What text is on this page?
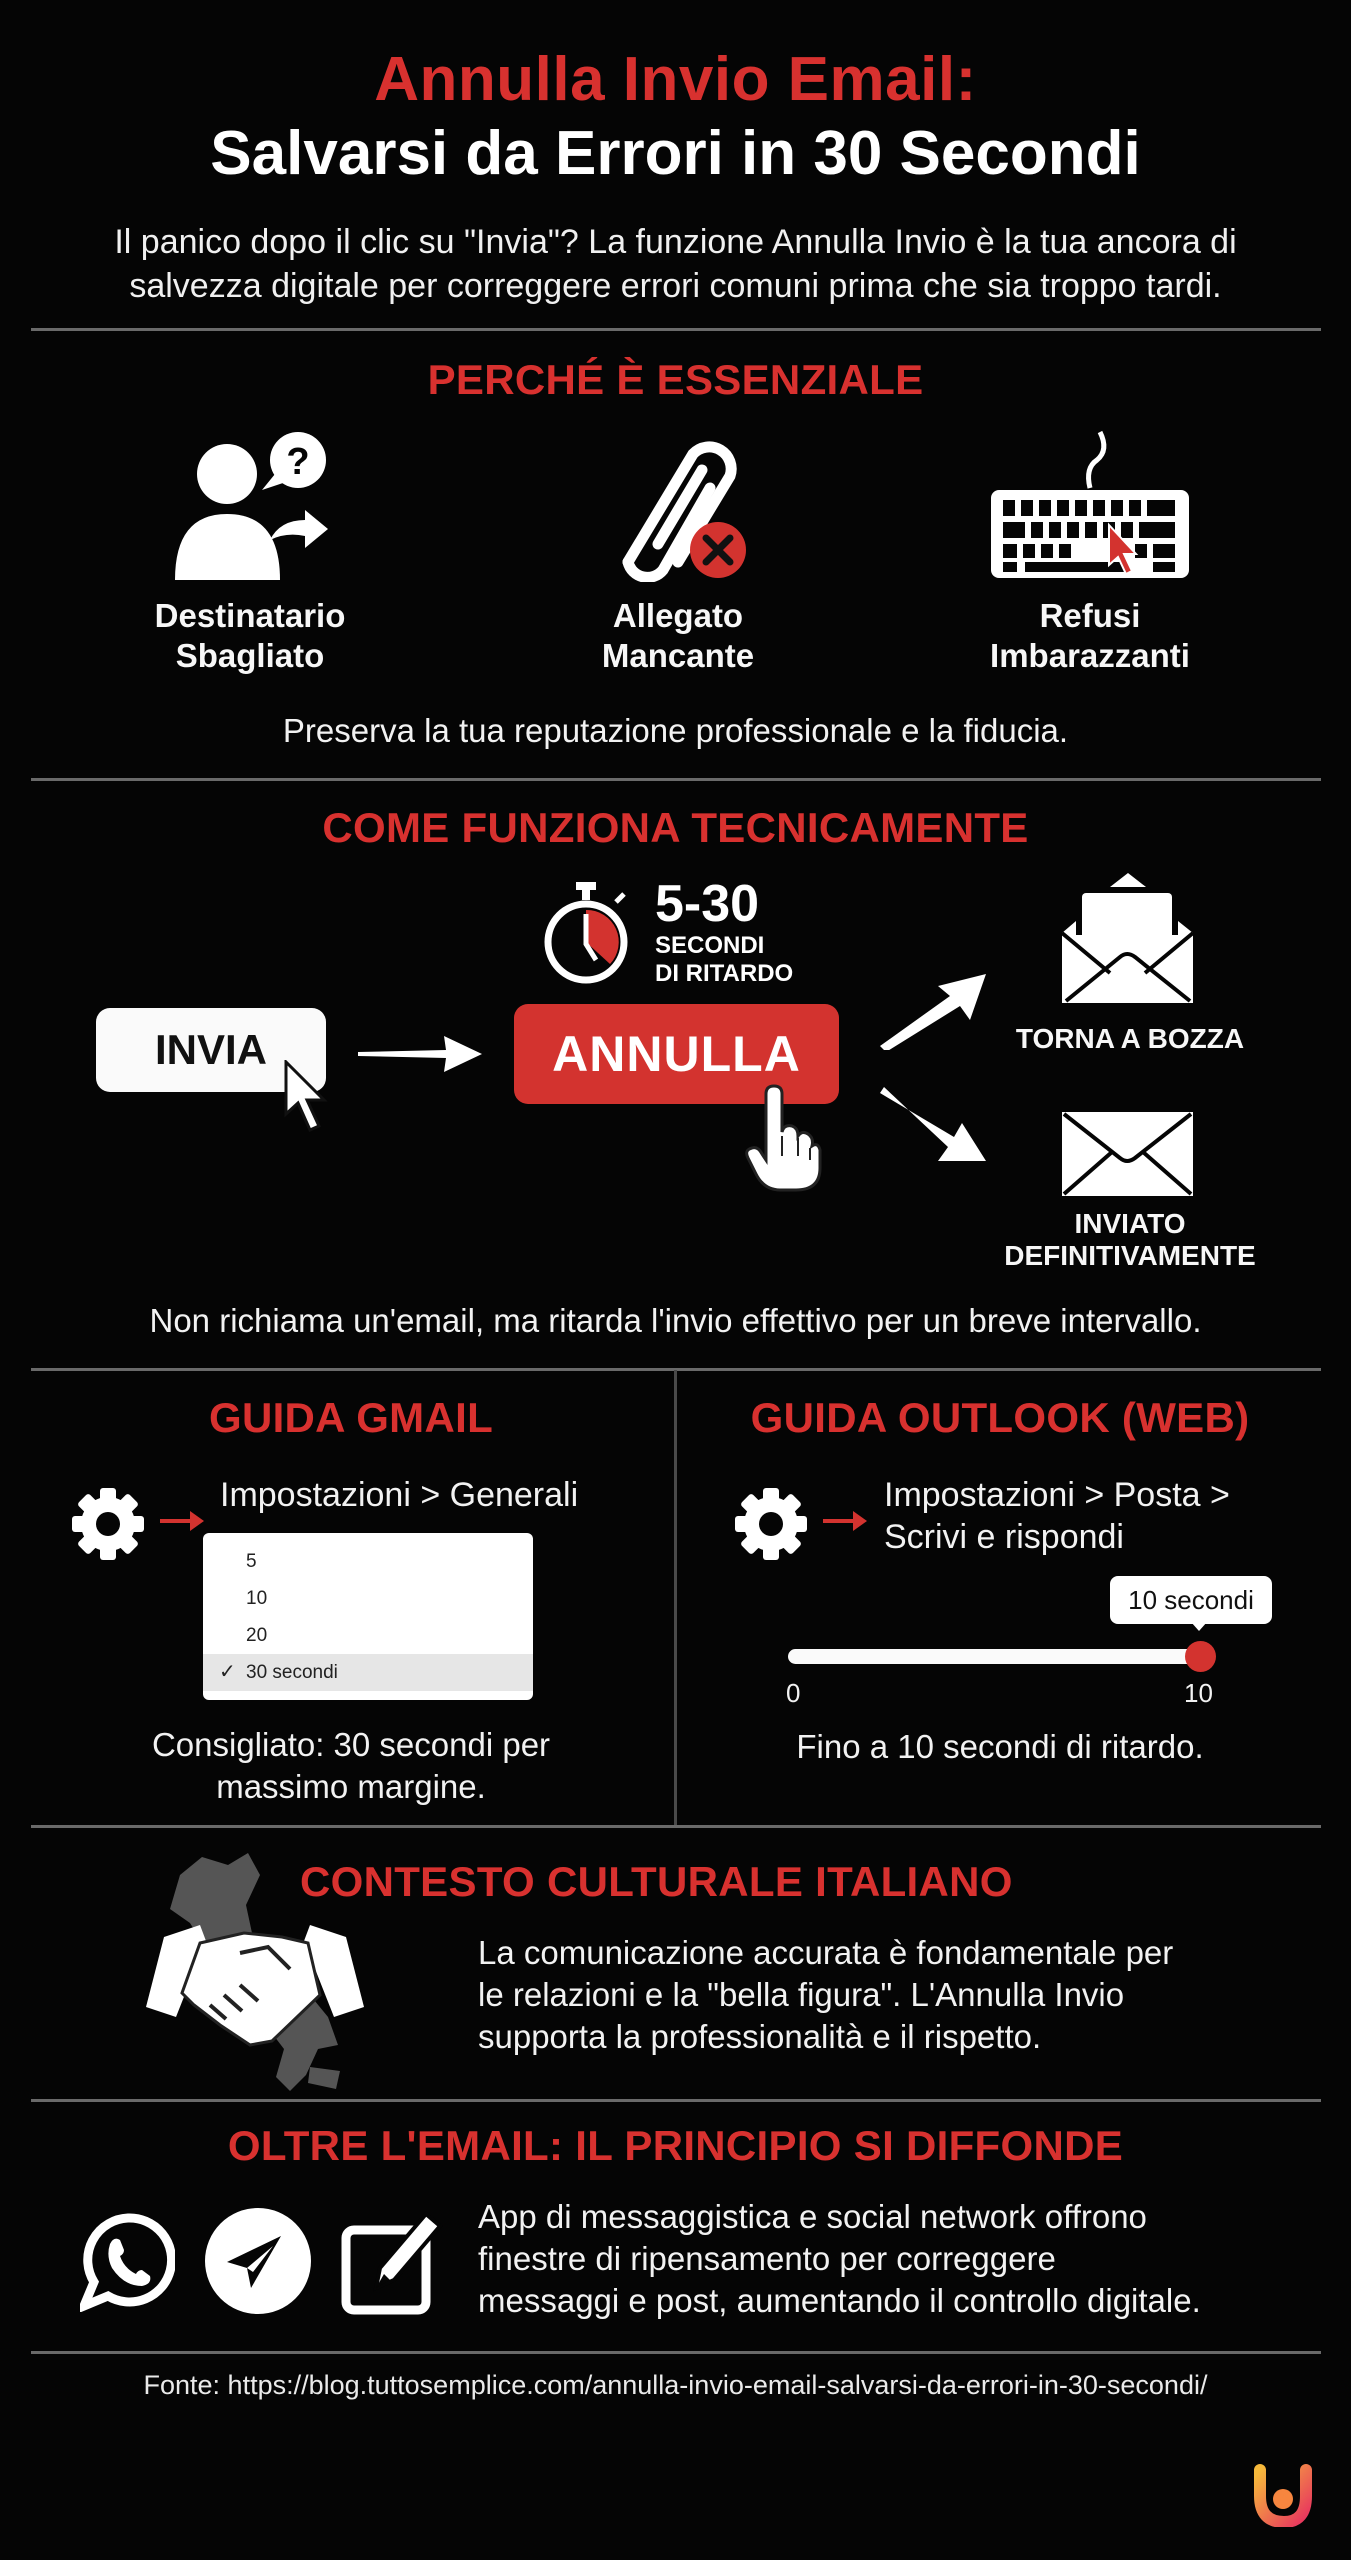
Annulla Invio Email:
Salvarsi da Errori in 30 Secondi
Il panico dopo il clic su "Invia"? La funzione Annulla Invio è la tua ancora di
salvezza digitale per correggere errori comuni prima che sia troppo tardi.
PERCHÉ È ESSENZIALE
?
Destinatario
Sbagliato
Allegato
Mancante
Refusi
Imbarazzanti
Preserva la tua reputazione professionale e la fiducia.
COME FUNZIONA TECNICAMENTE
5-30
SECONDI
DI RITARDO
INVIA	ANNULLA	TORNA A BOZZA
INVIATO
DEFINITIVAMENTE
Non richiama un'email, ma ritarda l'invio effettivo per un breve intervallo.
GUIDA GMAIL
Impostazioni > Generali
5
10
20
✓ 30 secondi
Consigliato: 30 secondi per
massimo margine.
GUIDA OUTLOOK (WEB)
Impostazioni > Posta >
Scrivi e rispondi
10 secondi
0	10
Fino a 10 secondi di ritardo.
CONTESTO CULTURALE ITALIANO
La comunicazione accurata è fondamentale per
le relazioni e la "bella figura". L'Annulla Invio
supporta la professionalità e il rispetto.
OLTRE L'EMAIL: IL PRINCIPIO SI DIFFONDE
App di messaggistica e social network offrono
finestre di ripensamento per correggere
messaggi e post, aumentando il controllo digitale.
Fonte: https://blog.tuttosemplice.com/annulla-invio-email-salvarsi-da-errori-in-30-secondi/
